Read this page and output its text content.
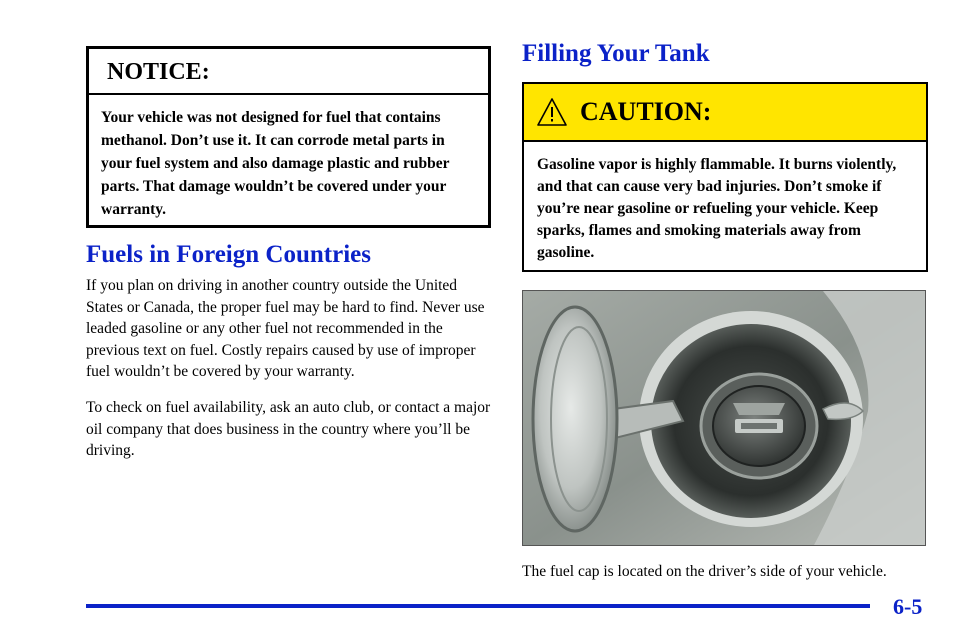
NOTICE:
Your vehicle was not designed for fuel that contains methanol. Don’t use it. It can corrode metal parts in your fuel system and also damage plastic and rubber parts. That damage wouldn’t be covered under your warranty.
Fuels in Foreign Countries

If you plan on driving in another country outside the United States or Canada, the proper fuel may be hard to find. Never use leaded gasoline or any other fuel not recommended in the previous text on fuel. Costly repairs caused by use of improper fuel wouldn’t be covered by your warranty.

To check on fuel availability, ask an auto club, or contact a major oil company that does business in the country where you’ll be driving.

Filling Your Tank
CAUTION:
Gasoline vapor is highly flammable. It burns violently, and that can cause very bad injuries. Don’t smoke if you’re near gasoline or refueling your vehicle. Keep sparks, flames and smoking materials away from gasoline.
The fuel cap is located on the driver’s side of your vehicle.
6-5
